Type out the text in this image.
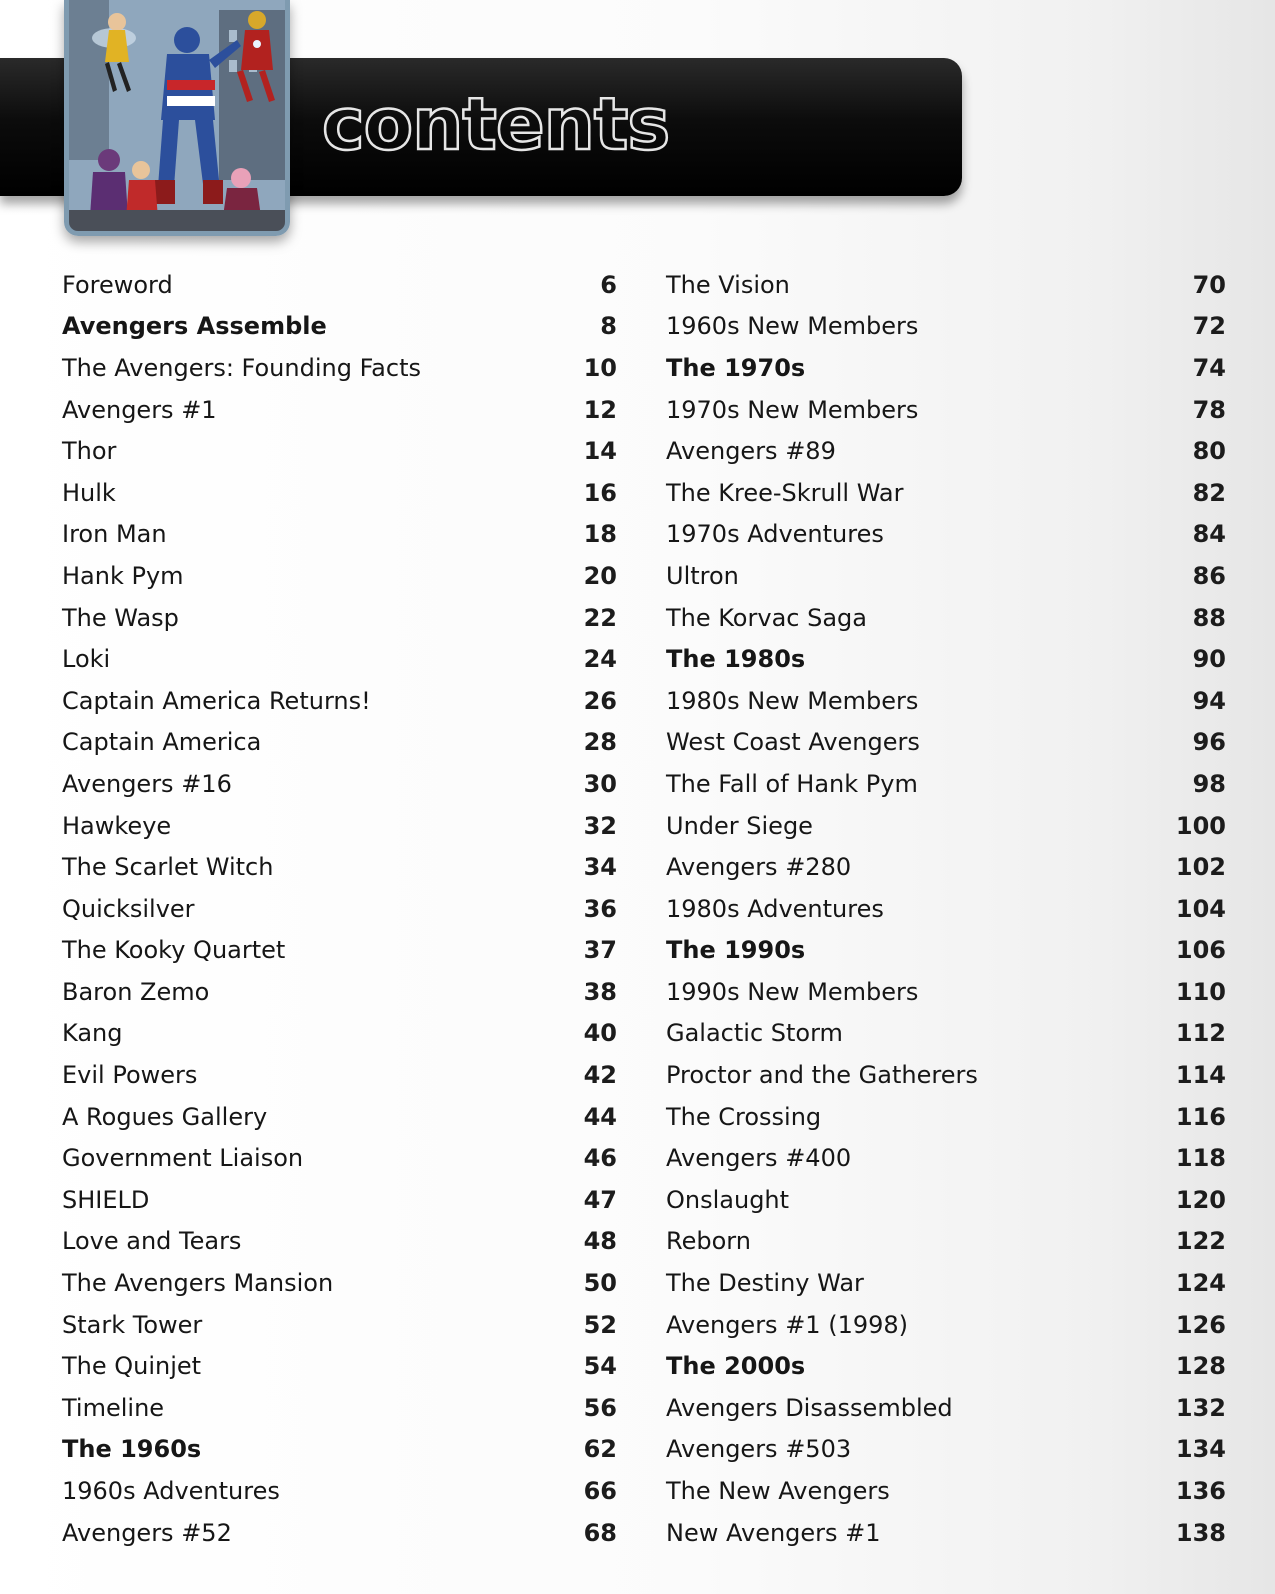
contents
Foreword	6
Avengers Assemble	8
The Avengers: Founding Facts	10
Avengers #1	12
Thor	14
Hulk	16
Iron Man	18
Hank Pym	20
The Wasp	22
Loki	24
Captain America Returns!	26
Captain America	28
Avengers #16	30
Hawkeye	32
The Scarlet Witch	34
Quicksilver	36
The Kooky Quartet	37
Baron Zemo	38
Kang	40
Evil Powers	42
A Rogues Gallery	44
Government Liaison	46
SHIELD	47
Love and Tears	48
The Avengers Mansion	50
Stark Tower	52
The Quinjet	54
Timeline	56
The 1960s	62
1960s Adventures	66
Avengers #52	68
The Vision	70
1960s New Members	72
The 1970s	74
1970s New Members	78
Avengers #89	80
The Kree-Skrull War	82
1970s Adventures	84
Ultron	86
The Korvac Saga	88
The 1980s	90
1980s New Members	94
West Coast Avengers	96
The Fall of Hank Pym	98
Under Siege	100
Avengers #280	102
1980s Adventures	104
The 1990s	106
1990s New Members	110
Galactic Storm	112
Proctor and the Gatherers	114
The Crossing	116
Avengers #400	118
Onslaught	120
Reborn	122
The Destiny War	124
Avengers #1 (1998)	126
The 2000s	128
Avengers Disassembled	132
Avengers #503	134
The New Avengers	136
New Avengers #1	138
